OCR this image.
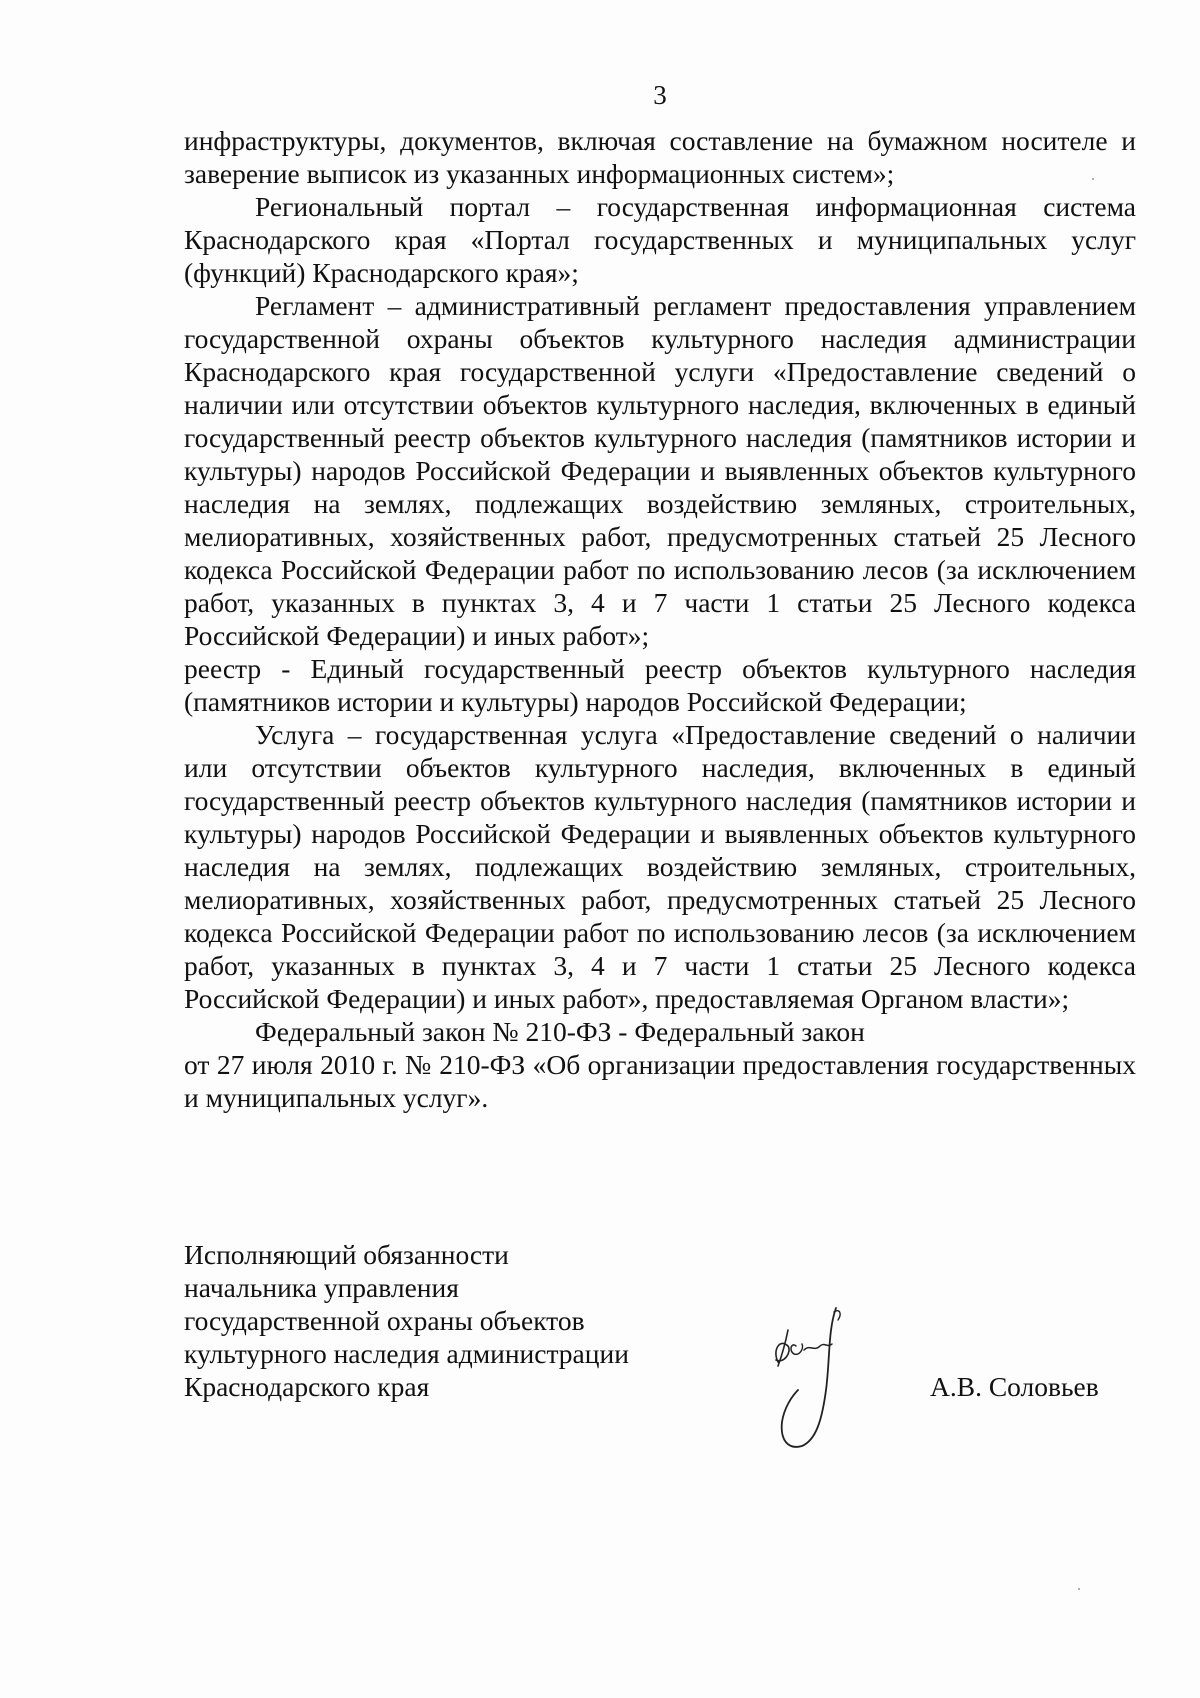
3

инфраструктуры, документов, включая составление на бумажном носителе и заверение выписок из указанных информационных систем»;

Региональный портал – государственная информационная система Краснодарского края «Портал государственных и муниципальных услуг (функций) Краснодарского края»;

Регламент – административный регламент предоставления управлением государственной охраны объектов культурного наследия администрации Краснодарского края государственной услуги «Предоставление сведений о наличии или отсутствии объектов культурного наследия, включенных в единый государственный реестр объектов культурного наследия (памятников истории и культуры) народов Российской Федерации и выявленных объектов культурного наследия на землях, подлежащих воздействию земляных, строительных, мелиоративных, хозяйственных работ, предусмотренных статьей 25 Лесного кодекса Российской Федерации работ по использованию лесов (за исключением работ, указанных в пунктах 3, 4 и 7 части 1 статьи 25 Лесного кодекса Российской Федерации) и иных работ»;

реестр - Единый государственный реестр объектов культурного наследия (памятников истории и культуры) народов Российской Федерации;

Услуга – государственная услуга «Предоставление сведений о наличии или отсутствии объектов культурного наследия, включенных в единый государственный реестр объектов культурного наследия (памятников истории и культуры) народов Российской Федерации и выявленных объектов культурного наследия на землях, подлежащих воздействию земляных, строительных, мелиоративных, хозяйственных работ, предусмотренных статьей 25 Лесного кодекса Российской Федерации работ по использованию лесов (за исключением работ, указанных в пунктах 3, 4 и 7 части 1 статьи 25 Лесного кодекса Российской Федерации) и иных работ», предоставляемая Органом власти»;

Федеральный закон № 210-ФЗ - Федеральный закон

от 27 июля 2010 г. № 210-ФЗ «Об организации предоставления государственных и муниципальных услуг».

Исполняющий обязанности
начальника управления
государственной охраны объектов
культурного наследия администрации
Краснодарского края	А.В. Соловьев
